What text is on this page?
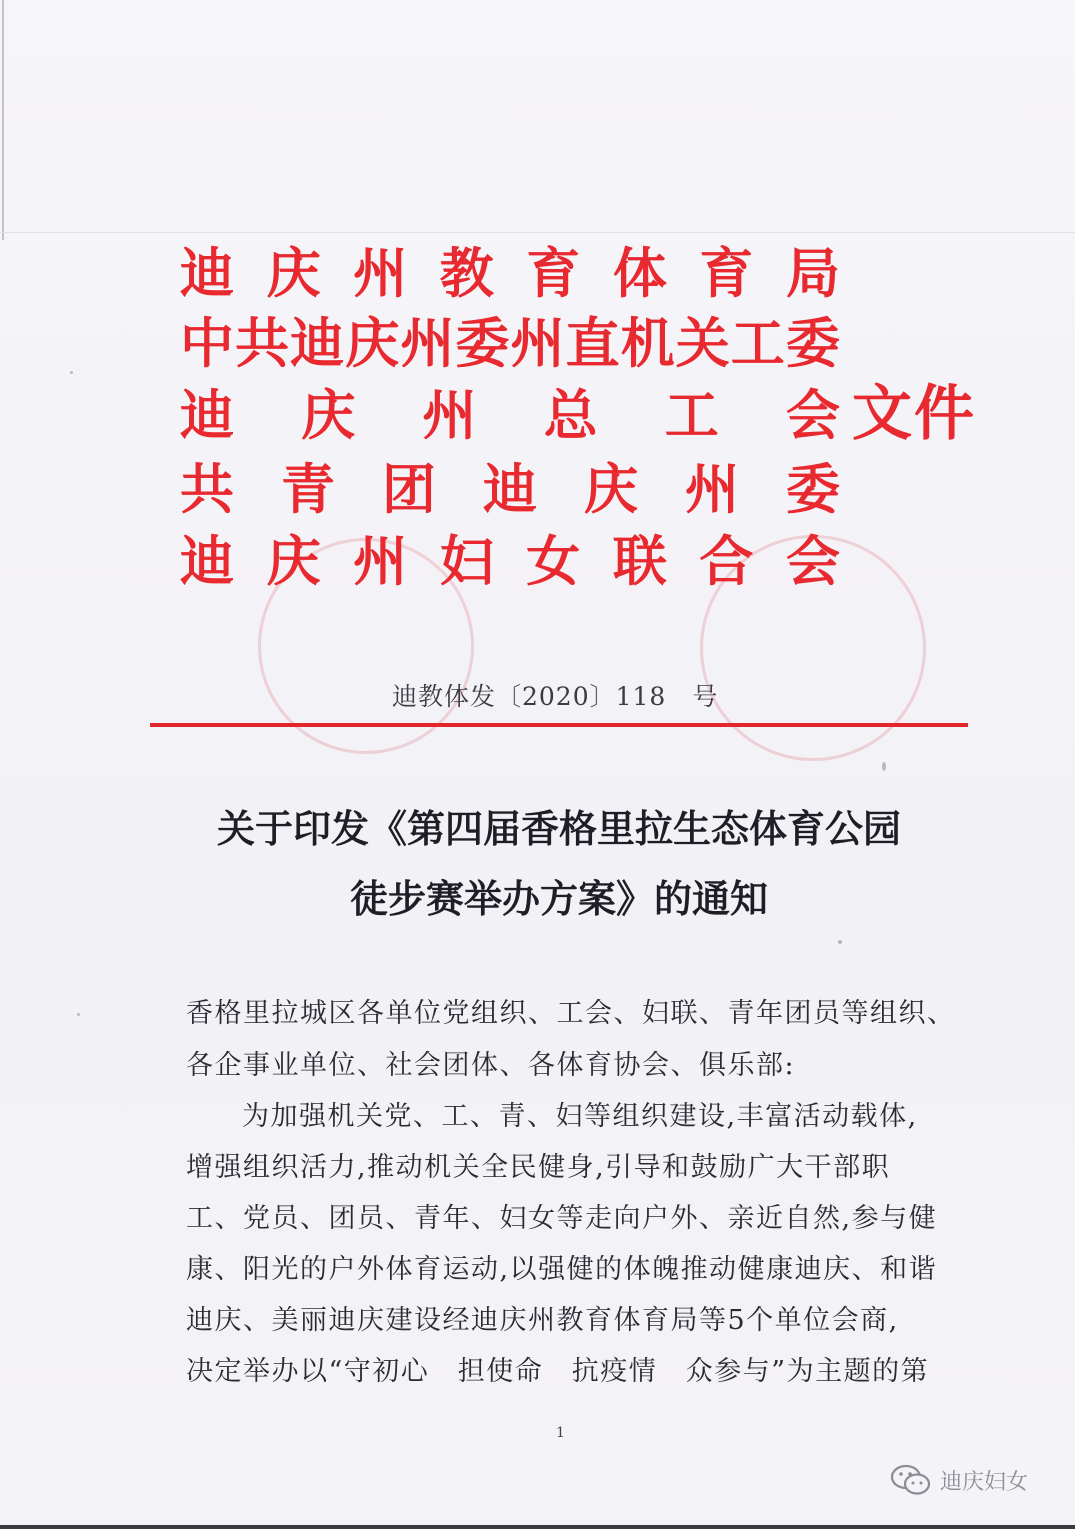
迪 庆 州 教 育 体 育 局
中 共 迪 庆 州 委 州 直 机 关 工 委
迪 庆 州 总 工 会
共 青 团 迪 庆 州 委
迪 庆 州 妇 女 联 合 会
文件
迪教体发〔2020〕118　号
关于印发《第四届香格里拉生态体育公园
徒步赛举办方案》的通知
香格里拉城区各单位党组织、工会、妇联、青年团员等组织、
各企事业单位、社会团体、各体育协会、俱乐部:
为加强机关党、工、青、妇等组织建设,丰富活动载体,
增强组织活力,推动机关全民健身,引导和鼓励广大干部职
工、党员、团员、青年、妇女等走向户外、亲近自然,参与健
康、阳光的户外体育运动,以强健的体魄推动健康迪庆、和谐
迪庆、美丽迪庆建设经迪庆州教育体育局等5个单位会商,
决定举办以“守初心　担使命　抗疫情　众参与”为主题的第
1
迪庆妇女
